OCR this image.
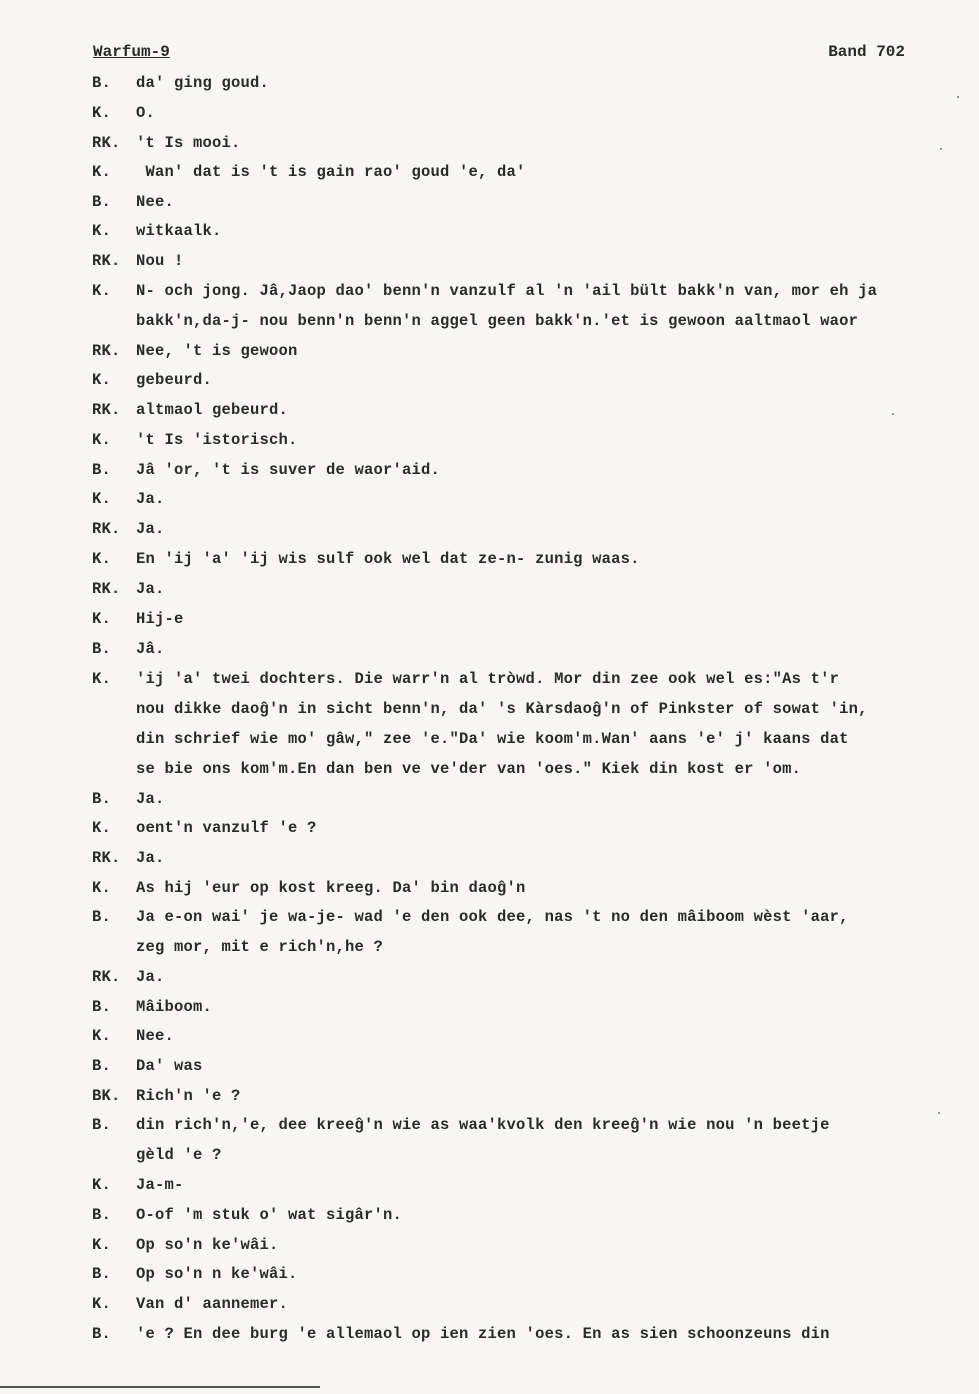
Warfum-9	Band 702
B. da' ging goud.
K. O.
RK. 't Is mooi.
K. Wan' dat is 't is gain rao' goud 'e, da'
B. Nee.
K. witkaalk.
RK. Nou !
K. N- och jong. Jâ,Jaop dao' benn'n vanzulf al 'n 'ail bült bakk'n van, mor eh ja
bakk'n,da-j- nou benn'n benn'n aggel geen bakk'n.'et is gewoon aaltmaol waor
RK. Nee, 't is gewoon
K. gebeurd.
RK. altmaol gebeurd.
K. 't Is 'istorisch.
B. Jâ 'or, 't is suver de waor'aid.
K. Ja.
RK. Ja.
K. En 'ij 'a' 'ij wis sulf ook wel dat ze-n- zunig waas.
RK. Ja.
K. Hij-e
B. Jâ.
K. 'ij 'a' twei dochters. Die warr'n al tròwd. Mor din zee ook wel es:"As t'r
nou dikke daoĝ'n in sicht benn'n, da' 's Kàrsdaoĝ'n of Pinkster of sowat 'in,
din schrief wie mo' gâw," zee 'e."Da' wie koom'm.Wan' aans 'e' j' kaans dat
se bie ons kom'm.En dan ben ve ve'der van 'oes." Kiek din kost er 'om.
B. Ja.
K. oent'n vanzulf 'e ?
RK. Ja.
K. As hij 'eur op kost kreeg. Da' bin daoĝ'n
B. Ja e-on wai' je wa-je- wad 'e den ook dee, nas 't no den mâiboom wèst 'aar,
zeg mor, mit e rich'n,he ?
RK. Ja.
B. Mâiboom.
K. Nee.
B. Da' was
BK. Rich'n 'e ?
B. din rich'n,'e, dee kreeĝ'n wie as waa'kvolk den kreeĝ'n wie nou 'n beetje
gèld 'e ?
K. Ja-m-
B. O-of 'm stuk o' wat sigâr'n.
K. Op so'n ke'wâi.
B. Op so'n n ke'wâi.
K. Van d' aannemer.
B. 'e ? En dee burg 'e allemaol op ien zien 'oes. En as sien schoonzeuns din
